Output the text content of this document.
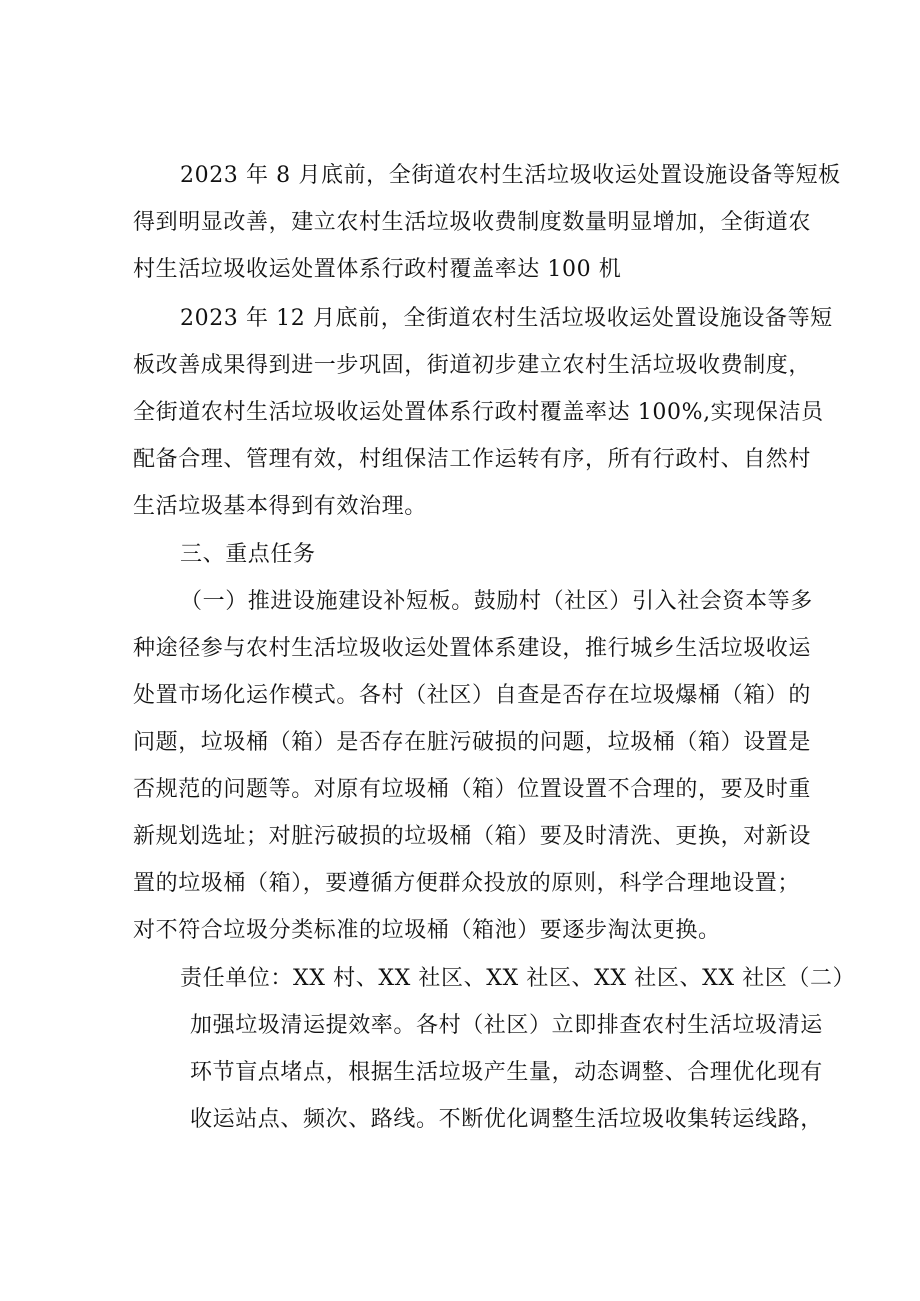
2023 年 8 月底前，全街道农村生活垃圾收运处置设施设备等短板
得到明显改善，建立农村生活垃圾收费制度数量明显增加，全街道农
村生活垃圾收运处置体系行政村覆盖率达 100 机
2023 年 12 月底前，全街道农村生活垃圾收运处置设施设备等短
板改善成果得到进一步巩固，街道初步建立农村生活垃圾收费制度，
全街道农村生活垃圾收运处置体系行政村覆盖率达 100%,实现保洁员
配备合理、管理有效，村组保洁工作运转有序，所有行政村、自然村
生活垃圾基本得到有效治理。
三、重点任务
（一）推进设施建设补短板。鼓励村（社区）引入社会资本等多
种途径参与农村生活垃圾收运处置体系建设，推行城乡生活垃圾收运
处置市场化运作模式。各村（社区）自查是否存在垃圾爆桶（箱）的
问题，垃圾桶（箱）是否存在脏污破损的问题，垃圾桶（箱）设置是
否规范的问题等。对原有垃圾桶（箱）位置设置不合理的，要及时重
新规划选址；对脏污破损的垃圾桶（箱）要及时清洗、更换，对新设
置的垃圾桶（箱），要遵循方便群众投放的原则，科学合理地设置；
对不符合垃圾分类标准的垃圾桶（箱池）要逐步淘汰更换。
责任单位：XX 村、XX 社区、XX 社区、XX 社区、XX 社区（二）
加强垃圾清运提效率。各村（社区）立即排查农村生活垃圾清运
环节盲点堵点，根据生活垃圾产生量，动态调整、合理优化现有
收运站点、频次、路线。不断优化调整生活垃圾收集转运线路，
